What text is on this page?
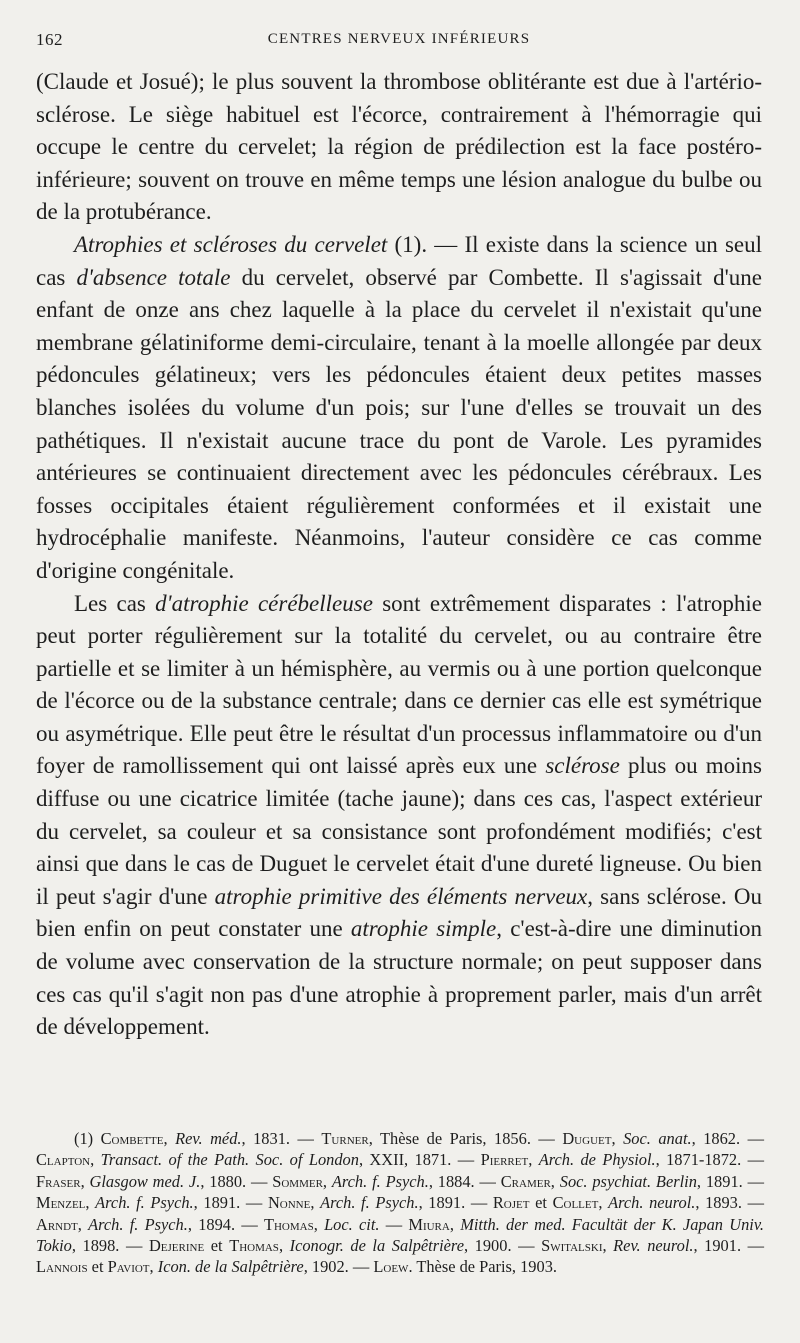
162	CENTRES NERVEUX INFÉRIEURS

(Claude et Josué); le plus souvent la thrombose oblitérante est due à l'artério-sclérose. Le siège habituel est l'écorce, contrairement à l'hémorragie qui occupe le centre du cervelet; la région de prédilection est la face postéro-inférieure; souvent on trouve en même temps une lésion analogue du bulbe ou de la protubérance.

Atrophies et scléroses du cervelet (1). — Il existe dans la science un seul cas d'absence totale du cervelet, observé par Combette. Il s'agissait d'une enfant de onze ans chez laquelle à la place du cervelet il n'existait qu'une membrane gélatiniforme demi-circulaire, tenant à la moelle allongée par deux pédoncules gélatineux; vers les pédoncules étaient deux petites masses blanches isolées du volume d'un pois; sur l'une d'elles se trouvait un des pathétiques. Il n'existait aucune trace du pont de Varole. Les pyramides antérieures se continuaient directement avec les pédoncules cérébraux. Les fosses occipitales étaient régulièrement conformées et il existait une hydrocéphalie manifeste. Néanmoins, l'auteur considère ce cas comme d'origine congénitale.

Les cas d'atrophie cérébelleuse sont extrêmement disparates : l'atrophie peut porter régulièrement sur la totalité du cervelet, ou au contraire être partielle et se limiter à un hémisphère, au vermis ou à une portion quelconque de l'écorce ou de la substance centrale; dans ce dernier cas elle est symétrique ou asymétrique. Elle peut être le résultat d'un processus inflammatoire ou d'un foyer de ramollissement qui ont laissé après eux une sclérose plus ou moins diffuse ou une cicatrice limitée (tache jaune); dans ces cas, l'aspect extérieur du cervelet, sa couleur et sa consistance sont profondément modifiés; c'est ainsi que dans le cas de Duguet le cervelet était d'une dureté ligneuse. Ou bien il peut s'agir d'une atrophie primitive des éléments nerveux, sans sclérose. Ou bien enfin on peut constater une atrophie simple, c'est-à-dire une diminution de volume avec conservation de la structure normale; on peut supposer dans ces cas qu'il s'agit non pas d'une atrophie à proprement parler, mais d'un arrêt de développement.

(1) Combette, Rev. méd., 1831. — Turner, Thèse de Paris, 1856. — Duguet, Soc. anat., 1862. — Clapton, Transact. of the Path. Soc. of London, XXII, 1871. — Pierret, Arch. de Physiol., 1871-1872. — Fraser, Glasgow med. J., 1880. — Sommer, Arch. f. Psych., 1884. — Cramer, Soc. psychiat. Berlin, 1891. — Menzel, Arch. f. Psych., 1891. — Nonne, Arch. f. Psych., 1891. — Rojet et Collet, Arch. neurol., 1893. — Arndt, Arch. f. Psych., 1894. — Thomas, Loc. cit. — Miura, Mitth. der med. Facultät der K. Japan Univ. Tokio, 1898. — Dejerine et Thomas, Iconogr. de la Salpêtrière, 1900. — Switalski, Rev. neurol., 1901. — Lannois et Paviot, Icon. de la Salpêtrière, 1902. — Loew. Thèse de Paris, 1903.
